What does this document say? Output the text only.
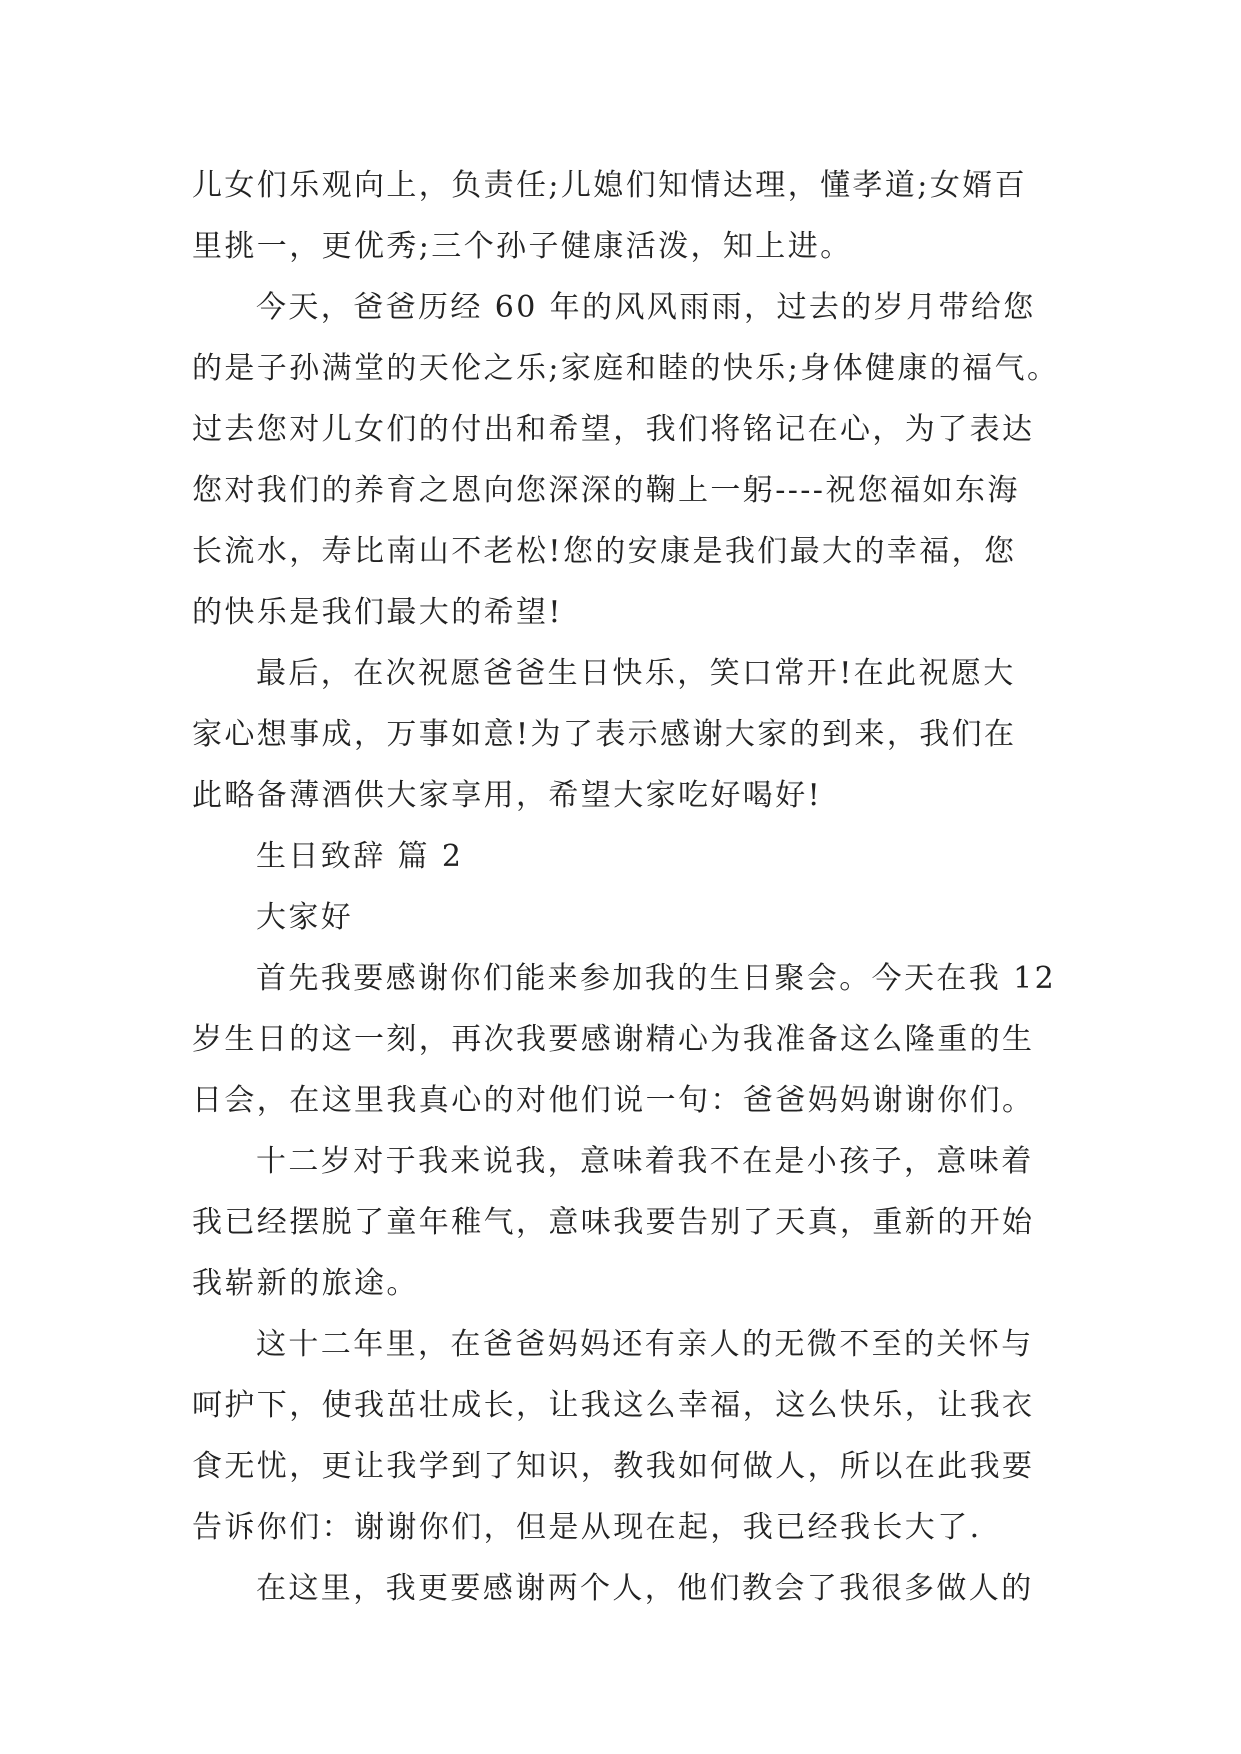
儿女们乐观向上，负责任;儿媳们知情达理，懂孝道;女婿百
里挑一，更优秀;三个孙子健康活泼，知上进。
今天，爸爸历经 60 年的风风雨雨，过去的岁月带给您
的是子孙满堂的天伦之乐;家庭和睦的快乐;身体健康的福气。
过去您对儿女们的付出和希望，我们将铭记在心，为了表达
您对我们的养育之恩向您深深的鞠上一躬----祝您福如东海
长流水，寿比南山不老松!您的安康是我们最大的幸福，您
的快乐是我们最大的希望!
最后，在次祝愿爸爸生日快乐，笑口常开!在此祝愿大
家心想事成，万事如意!为了表示感谢大家的到来，我们在
此略备薄酒供大家享用，希望大家吃好喝好!
生日致辞 篇 2
大家好
首先我要感谢你们能来参加我的生日聚会。今天在我 12
岁生日的这一刻，再次我要感谢精心为我准备这么隆重的生
日会，在这里我真心的对他们说一句：爸爸妈妈谢谢你们。
十二岁对于我来说我，意味着我不在是小孩子，意味着
我已经摆脱了童年稚气，意味我要告别了天真，重新的开始
我崭新的旅途。
这十二年里，在爸爸妈妈还有亲人的无微不至的关怀与
呵护下，使我茁壮成长，让我这么幸福，这么快乐，让我衣
食无忧，更让我学到了知识，教我如何做人，所以在此我要
告诉你们：谢谢你们，但是从现在起，我已经我长大了.
在这里，我更要感谢两个人，他们教会了我很多做人的
